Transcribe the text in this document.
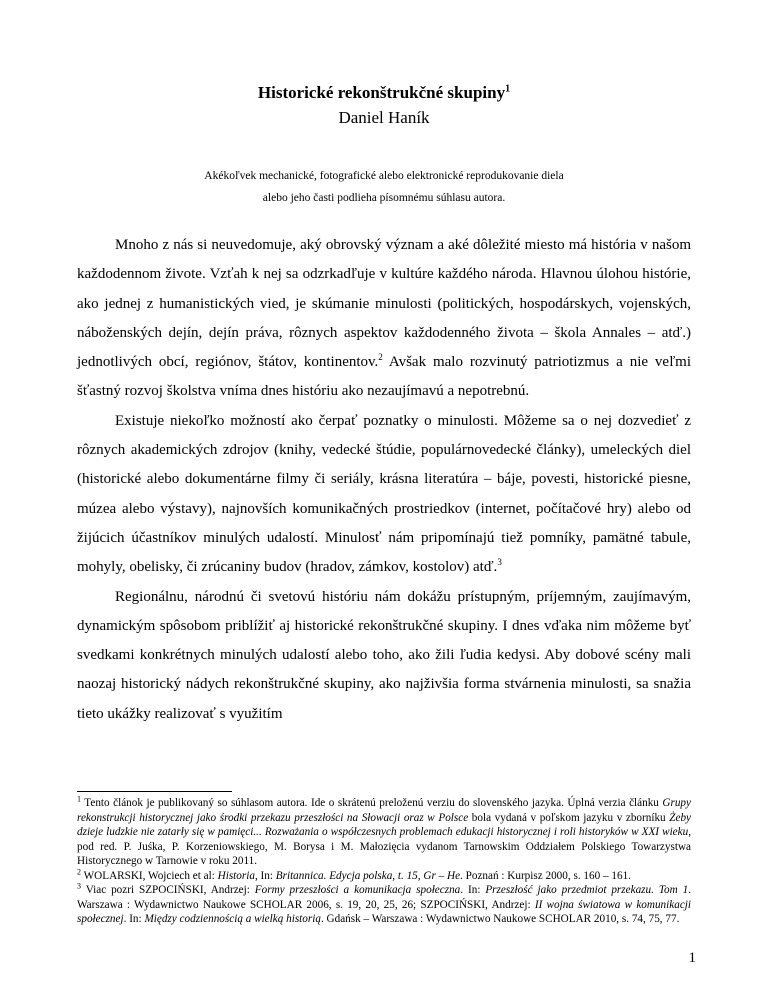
Historické rekonštrukčné skupiny$^1$
Daniel Haník
Akékoľvek mechanické, fotografické alebo elektronické reprodukovanie diela
alebo jeho časti podlieha písomnému súhlasu autora.

Mnoho z nás si neuvedomuje, aký obrovský význam a aké dôležité miesto má história v našom každodennom živote. Vzťah k nej sa odzrkadľuje v kultúre každého národa. Hlavnou úlohou histórie, ako jednej z humanistických vied, je skúmanie minulosti (politických, hospodárskych, vojenských, náboženských dejín, dejín práva, rôznych aspektov každodenného života – škola Annales – atď.) jednotlivých obcí, regiónov, štátov, kontinentov.$^2$ Avšak malo rozvinutý patriotizmus a nie veľmi šťastný rozvoj školstva vníma dnes históriu ako nezaujímavú a nepotrebnú.

Existuje niekoľko možností ako čerpať poznatky o minulosti. Môžeme sa o nej dozvedieť z rôznych akademických zdrojov (knihy, vedecké štúdie, populárnovedecké články), umeleckých diel (historické alebo dokumentárne filmy či seriály, krásna literatúra – báje, povesti, historické piesne, múzea alebo výstavy), najnovších komunikačných prostriedkov (internet, počítačové hry) alebo od žijúcich účastníkov minulých udalostí. Minulosť nám pripomínajú tiež pomníky, pamätné tabule, mohyly, obelisky, či zrúcaniny budov (hradov, zámkov, kostolov) atď.$^3$

Regionálnu, národnú či svetovú históriu nám dokážu prístupným, príjemným, zaujímavým, dynamickým spôsobom priblížiť aj historické rekonštrukčné skupiny. I dnes vďaka nim môžeme byť svedkami konkrétnych minulých udalostí alebo toho, ako žili ľudia kedysi. Aby dobové scény mali naozaj historický nádych rekonštrukčné skupiny, ako najživšia forma stvárnenia minulosti, sa snažia tieto ukážky realizovať s využitím

$^1$ Tento článok je publikovaný so súhlasom autora. Ide o skrátenú preloženú verziu do slovenského jazyka. Úplná verzia článku Grupy rekonstrukcji historycznej jako środki przekazu przeszłości na Słowacji oraz w Polsce bola vydaná v poľskom jazyku v zborníku Żeby dzieje ludzkie nie zatarły się w pamięci... Rozważania o współczesnych problemach edukacji historycznej i roli historyków w XXI wieku, pod red. P. Juśka, P. Korzeniowskiego, M. Borysa i M. Małozięcia vydanom Tarnowskim Oddziałem Polskiego Towarzystwa Historycznego w Tarnowie v roku 2011.

$^2$ WOLARSKI, Wojciech et al: Historia, In: Britannica. Edycja polska, t. 15, Gr – He. Poznań : Kurpisz 2000, s. 160 – 161.

$^3$ Viac pozri SZPOCIŃSKI, Andrzej: Formy przeszłości a komunikacja społeczna. In: Przeszłość jako przedmiot przekazu. Tom 1. Warszawa : Wydawnictwo Naukowe SCHOLAR 2006, s. 19, 20, 25, 26; SZPOCIŃSKI, Andrzej: II wojna światowa w komunikacji społecznej. In: Między codziennością a wielką historią. Gdańsk – Warszawa : Wydawnictwo Naukowe SCHOLAR 2010, s. 74, 75, 77.

1
